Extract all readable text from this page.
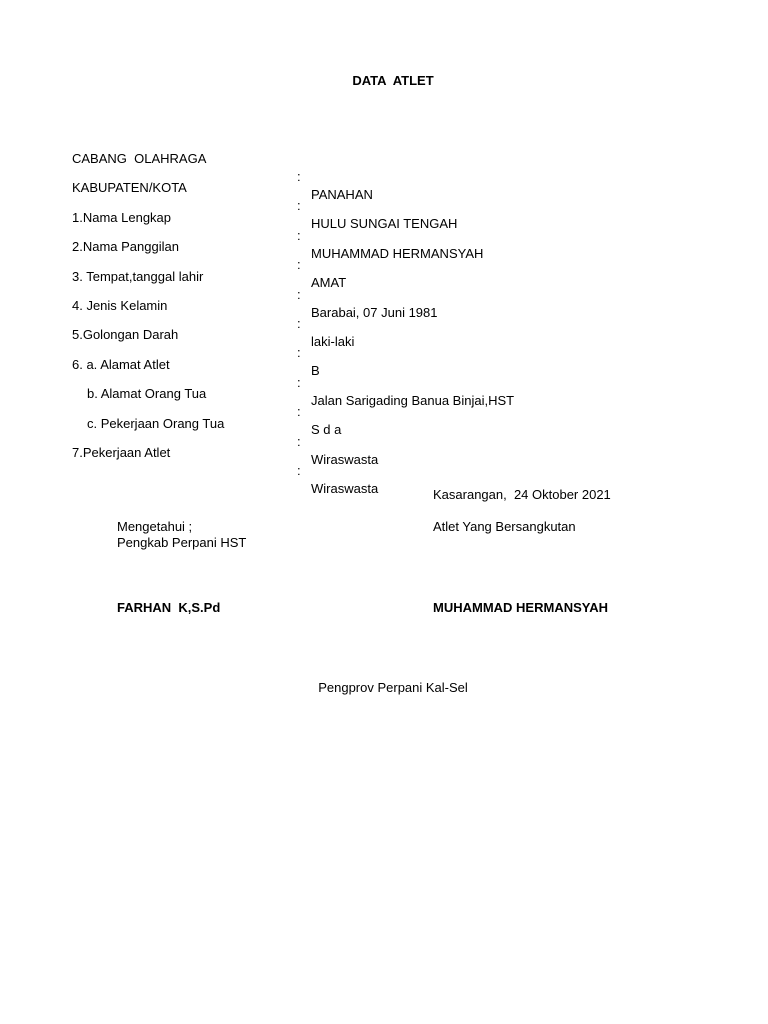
DATA  ATLET

CABANG  OLAHRAGA

:

PANAHAN

KABUPATEN/KOTA

:

HULU SUNGAI TENGAH

1.Nama Lengkap

:

MUHAMMAD HERMANSYAH

2.Nama Panggilan

:

AMAT

3. Tempat,tanggal lahir

:

Barabai, 07 Juni 1981

4. Jenis Kelamin

:

laki-laki

5.Golongan Darah

:

B

6. a. Alamat Atlet

:

Jalan Sarigading Banua Binjai,HST

b. Alamat Orang Tua

:

S d a

c. Pekerjaan Orang Tua

:

Wiraswasta

7.Pekerjaan Atlet

:

Wiraswasta

	Kasarangan,  24 Oktober 2021
Mengetahui ;
Pengkab Perpani HST
Atlet Yang Bersangkutan
FARHAN  K,S.Pd	MUHAMMAD HERMANSYAH
Pengprov Perpani Kal-Sel
